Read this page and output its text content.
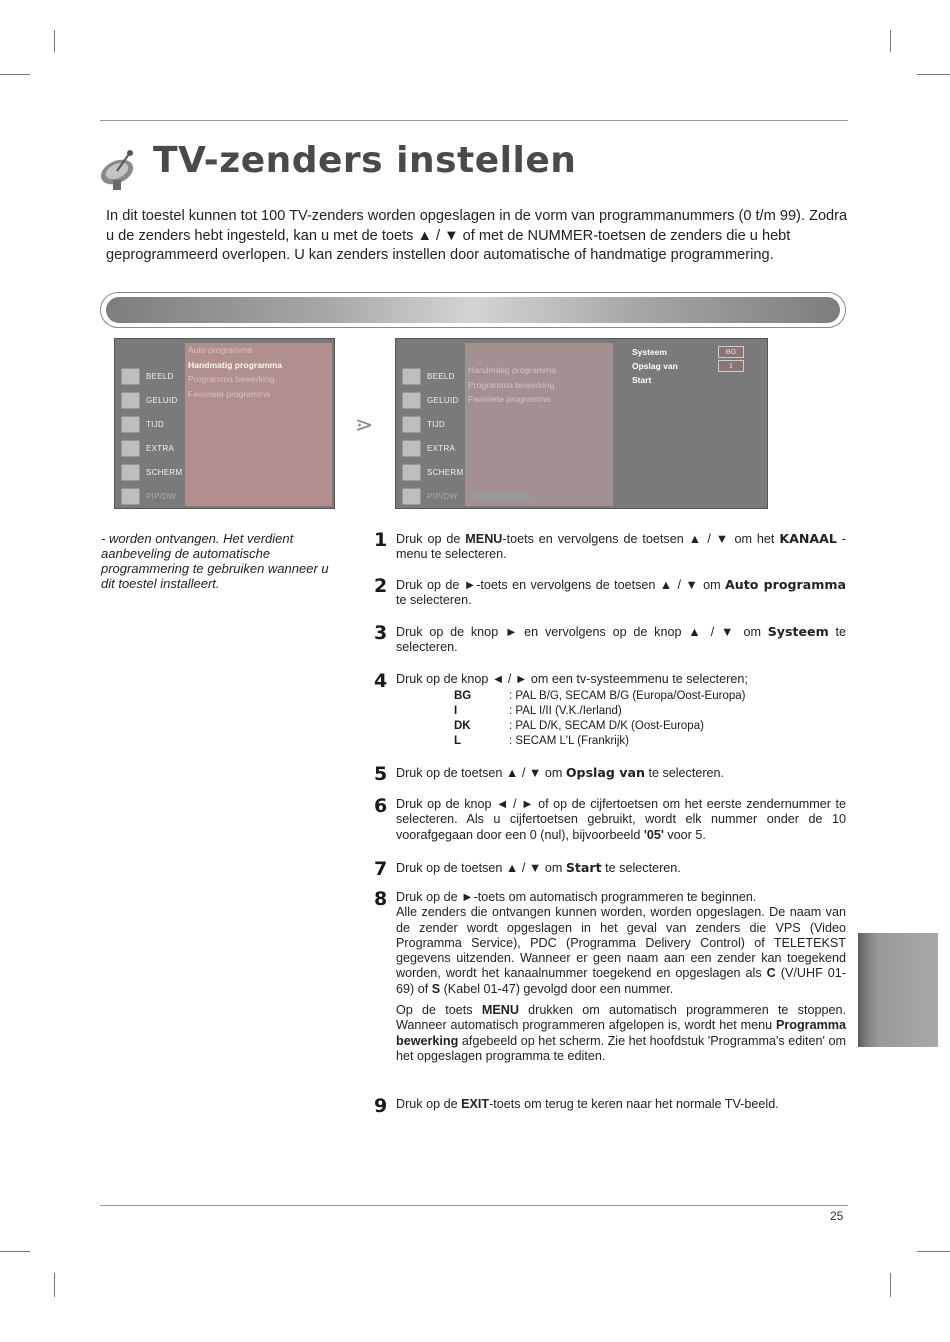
TV-zenders instellen

In dit toestel kunnen tot 100 TV-zenders worden opgeslagen in de vorm van programmanummers (0 t/m 99). Zodra u de zenders hebt ingesteld, kan u met de toets ▲ / ▼ of met de NUMMER-toetsen de zenders die u hebt geprogrammeerd overlopen. U kan zenders instellen door automatische of handmatige programmering.

Auto programma
Handmatig programma
Programma bewerking
Favoriete programma
BEELD
GELUID
TIJD
EXTRA
SCHERM
PIP/DW
⋗
Handmatig programma
Programma bewerking
Favoriete programma
BEELD
GELUID
TIJD
EXTRA
SCHERM
PIP/DW
Systeem	BG
Opslag van	1
Start

- worden ontvangen. Het verdient aanbeveling de automatische programmering te gebruiken wanneer u dit toestel installeert.

1 Druk op de MENU-toets en vervolgens de toetsen ▲ / ▼ om het KANAAL -menu te selecteren.
2 Druk op de ►-toets en vervolgens de toetsen ▲ / ▼ om Auto programma te selecteren.
3 Druk op de knop ► en vervolgens op de knop ▲ / ▼ om Systeem te selecteren.
4 Druk op de knop ◄ / ► om een tv-systeemmenu te selecteren;
BG	: PAL B/G, SECAM B/G (Europa/Oost-Europa)
I	: PAL I/II (V.K./Ierland)
DK	: PAL D/K, SECAM D/K (Oost-Europa)
L	: SECAM L'L (Frankrijk)
5 Druk op de toetsen ▲ / ▼ om Opslag van te selecteren.
6 Druk op de knop ◄ / ► of op de cijfertoetsen om het eerste zendernummer te selecteren. Als u cijfertoetsen gebruikt, wordt elk nummer onder de 10 voorafgegaan door een 0 (nul), bijvoorbeeld '05' voor 5.
7 Druk op de toetsen ▲ / ▼ om Start te selecteren.
8 Druk op de ►-toets om automatisch programmeren te beginnen.
Alle zenders die ontvangen kunnen worden, worden opgeslagen. De naam van de zender wordt opgeslagen in het geval van zenders die VPS (Video Programma Service), PDC (Programma Delivery Control) of TELETEKST gegevens uitzenden. Wanneer er geen naam aan een zender kan toegekend worden, wordt het kanaalnummer toegekend en opgeslagen als C (V/UHF 01-69) of S (Kabel 01-47) gevolgd door een nummer.
Op de toets MENU drukken om automatisch programmeren te stoppen. Wanneer automatisch programmeren afgelopen is, wordt het menu Programma bewerking afgebeeld op het scherm. Zie het hoofdstuk 'Programma's editen' om het opgeslagen programma te editen.
9 Druk op de EXIT-toets om terug te keren naar het normale TV-beeld.
25
